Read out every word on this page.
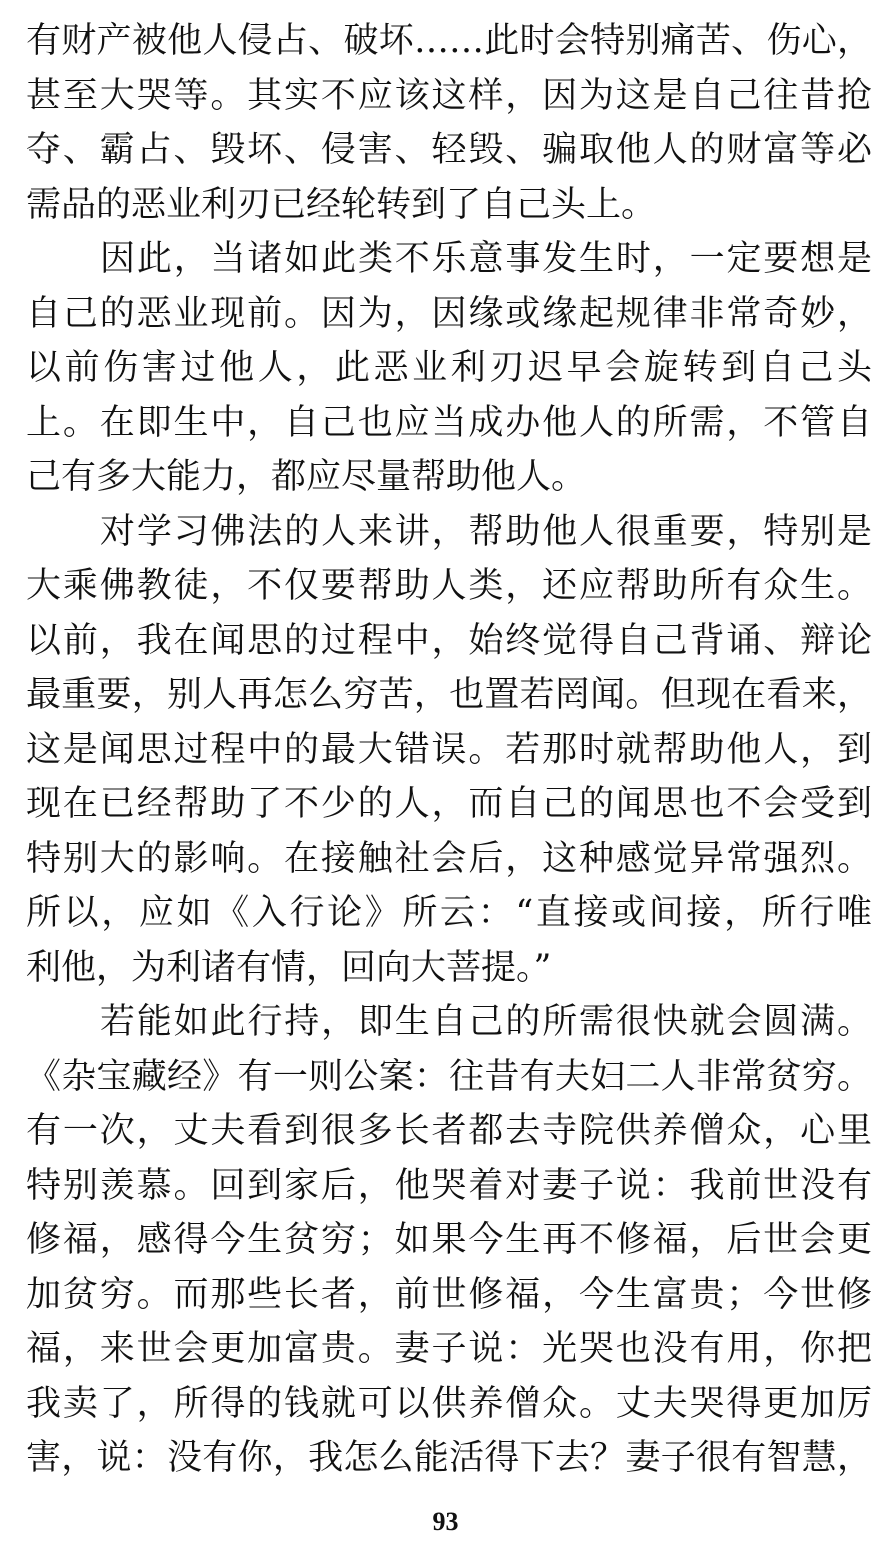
有财产被他人侵占、破坏……此时会特别痛苦、伤心，
甚至大哭等。其实不应该这样，因为这是自己往昔抢
夺、霸占、毁坏、侵害、轻毁、骗取他人的财富等必
需品的恶业利刃已经轮转到了自己头上。
因此，当诸如此类不乐意事发生时，一定要想是
自己的恶业现前。因为，因缘或缘起规律非常奇妙，
以前伤害过他人，此恶业利刃迟早会旋转到自己头
上。在即生中，自己也应当成办他人的所需，不管自
己有多大能力，都应尽量帮助他人。
对学习佛法的人来讲，帮助他人很重要，特别是
大乘佛教徒，不仅要帮助人类，还应帮助所有众生。
以前，我在闻思的过程中，始终觉得自己背诵、辩论
最重要，别人再怎么穷苦，也置若罔闻。但现在看来，
这是闻思过程中的最大错误。若那时就帮助他人，到
现在已经帮助了不少的人，而自己的闻思也不会受到
特别大的影响。在接触社会后，这种感觉异常强烈。
所以，应如《入行论》所云：“直接或间接，所行唯
利他，为利诸有情，回向大菩提。”
若能如此行持，即生自己的所需很快就会圆满。
《杂宝藏经》有一则公案：往昔有夫妇二人非常贫穷。
有一次，丈夫看到很多长者都去寺院供养僧众，心里
特别羡慕。回到家后，他哭着对妻子说：我前世没有
修福，感得今生贫穷；如果今生再不修福，后世会更
加贫穷。而那些长者，前世修福，今生富贵；今世修
福，来世会更加富贵。妻子说：光哭也没有用，你把
我卖了，所得的钱就可以供养僧众。丈夫哭得更加厉
害，说：没有你，我怎么能活得下去？妻子很有智慧，
93
